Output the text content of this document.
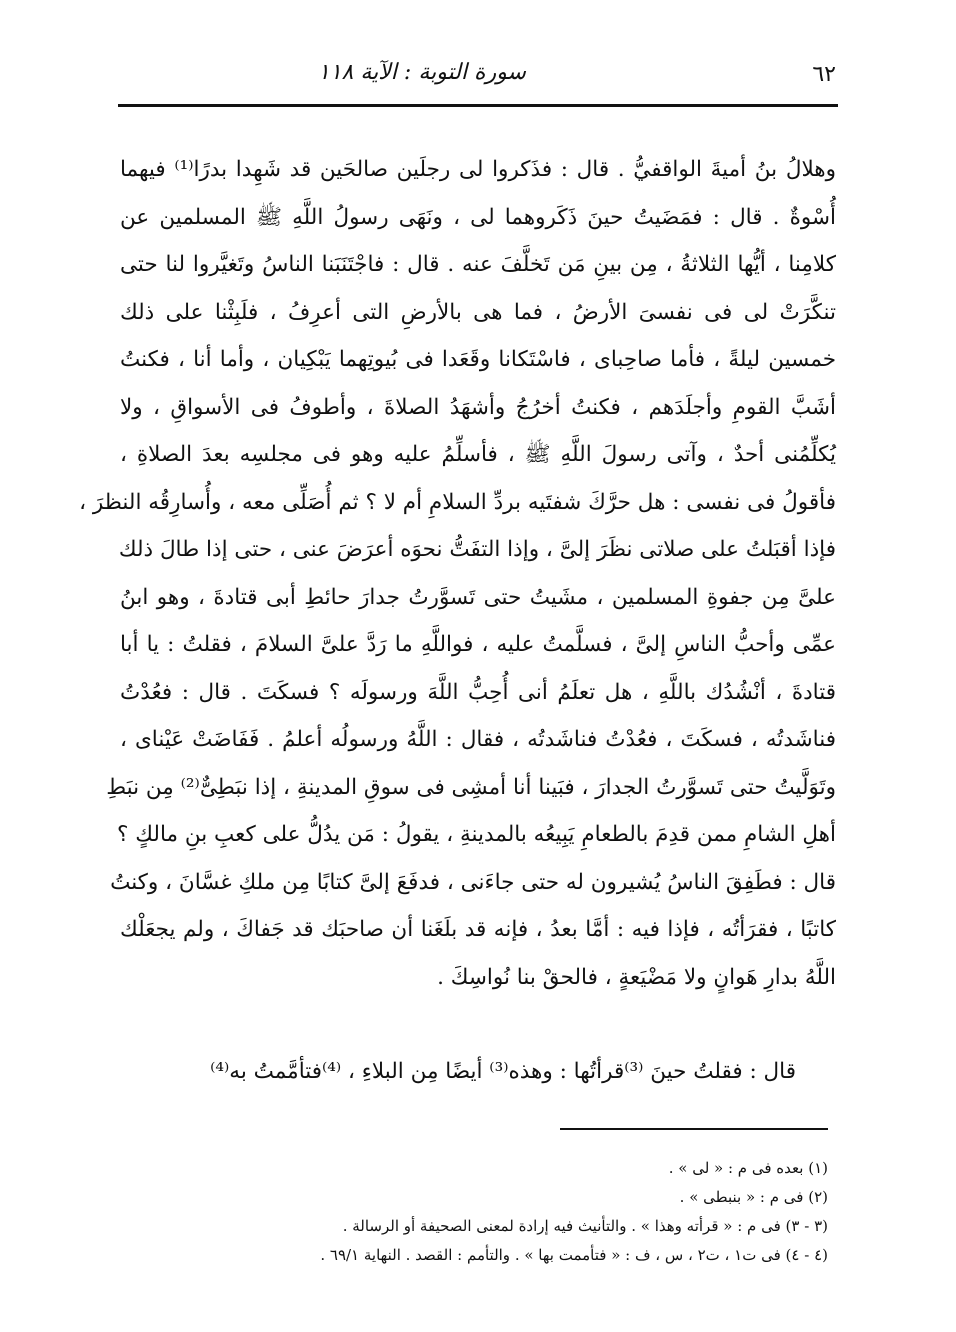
٦٢
سورة التوبة : الآية ١١٨
وهلالُ بنُ أميةَ الواقفيُّ . قال : فذَكروا لى رجلَين صالحَين قد شَهِدا بدرًا⁽¹⁾ فيهما
أُسْوةٌ . قال : فمَضَيتُ حينَ ذَكَروهما لى ، ونَهَى رسولُ اللَّهِ ﷺ المسلمين عن
كلامِنا ، أيُّها الثلاثةُ ، مِن بينِ مَن تَخلَّفَ عنه . قال : فاجْتَنَبَنا الناسُ وتَغيَّروا لنا حتى
تنكَّرَتْ لى فى نفسىَ الأرضُ ، فما هى بالأرضِ التى أعرِفُ ، فلَبِثْنا على ذلك
خمسين ليلةً ، فأما صاحِباى ، فاسْتَكانا وقَعَدا فى بُيوتِهما يَبْكِيان ، وأما أنا ، فكنتُ
أشَبَّ القومِ وأجلَدَهم ، فكنتُ أخرُجُ وأشهَدُ الصلاةَ ، وأطوفُ فى الأسواقِ ، ولا
يُكلِّمُنى أحدٌ ، وآتى رسولَ اللَّهِ ﷺ ، فأسلِّمُ عليه وهو فى مجلسِه بعدَ الصلاةِ ،
فأقولُ فى نفسى : هل حرَّكَ شفتَيه بردِّ السلامِ أم لا ؟ ثم أُصَلِّى معه ، وأُسارِقُه النظرَ ،
فإذا أقبَلتُ على صلاتى نظَرَ إلىَّ ، وإذا التفَتُّ نحوَه أعرَضَ عنى ، حتى إذا طالَ ذلك
علىَّ مِن جفوةِ المسلمين ، مشَيتُ حتى تَسوَّرتُ جدارَ حائطِ أبى قتادةَ ، وهو ابنُ
عمِّى وأحبُّ الناسِ إلىَّ ، فسلَّمتُ عليه ، فواللَّهِ ما رَدَّ علىَّ السلامَ ، فقلتُ : يا أبا
قتادةَ ، أنْشُدُك باللَّهِ ، هل تعلَمُ أنى أُحِبُّ اللَّهَ ورسولَه ؟ فسكَتَ . قال : فعُدْتُ
فناشَدتُه ، فسكَتَ ، فعُدْتُ فناشَدتُه ، فقال : اللَّهُ ورسولُه أعلمُ . فَفَاضَتْ عَيْناى ،
وتَوَلَّيتُ حتى تَسوَّرتُ الجدارَ ، فبَينا أنا أمشِى فى سوقِ المدينةِ ، إذا نبَطِىٌّ⁽²⁾ مِن نبَطِ
أهلِ الشامِ ممن قدِمَ بالطعامِ يَبِيعُه بالمدينةِ ، يقولُ : مَن يدُلُّ على كعبِ بنِ مالكٍ ؟
قال : فطَفِقَ الناسُ يُشيرون له حتى جاءَنى ، فدفَعَ إلىَّ كتابًا مِن ملكِ غسَّانَ ، وكنتُ
كاتبًا ، فقرَأتُه ، فإذا فيه : أمَّا بعدُ ، فإنه قد بلَغَنا أن صاحبَك قد جَفاكَ ، ولم يجعَلْك
اللَّهُ بدارِ هَوانٍ ولا مَضْيَعةٍ ، فالحقْ بنا نُواسِكَ .
قال : فقلتُ حينَ ⁽³⁾قرأتُها : وهذه⁽³⁾ أيضًا مِن البلاءِ ، ⁽⁴⁾فتأمَّمتُ به⁽⁴⁾
(١) بعده فى م : « لى » .
(٢) فى م : « بنبطى » .
(٣ - ٣) فى م : « قرأته وهذا » . والتأنيث فيه إرادة لمعنى الصحيفة أو الرسالة .
(٤ - ٤) فى ت١ ، ت٢ ، س ، ف : « فتأممت بها » . والتأمم : القصد . النهاية ٦٩/١ .
